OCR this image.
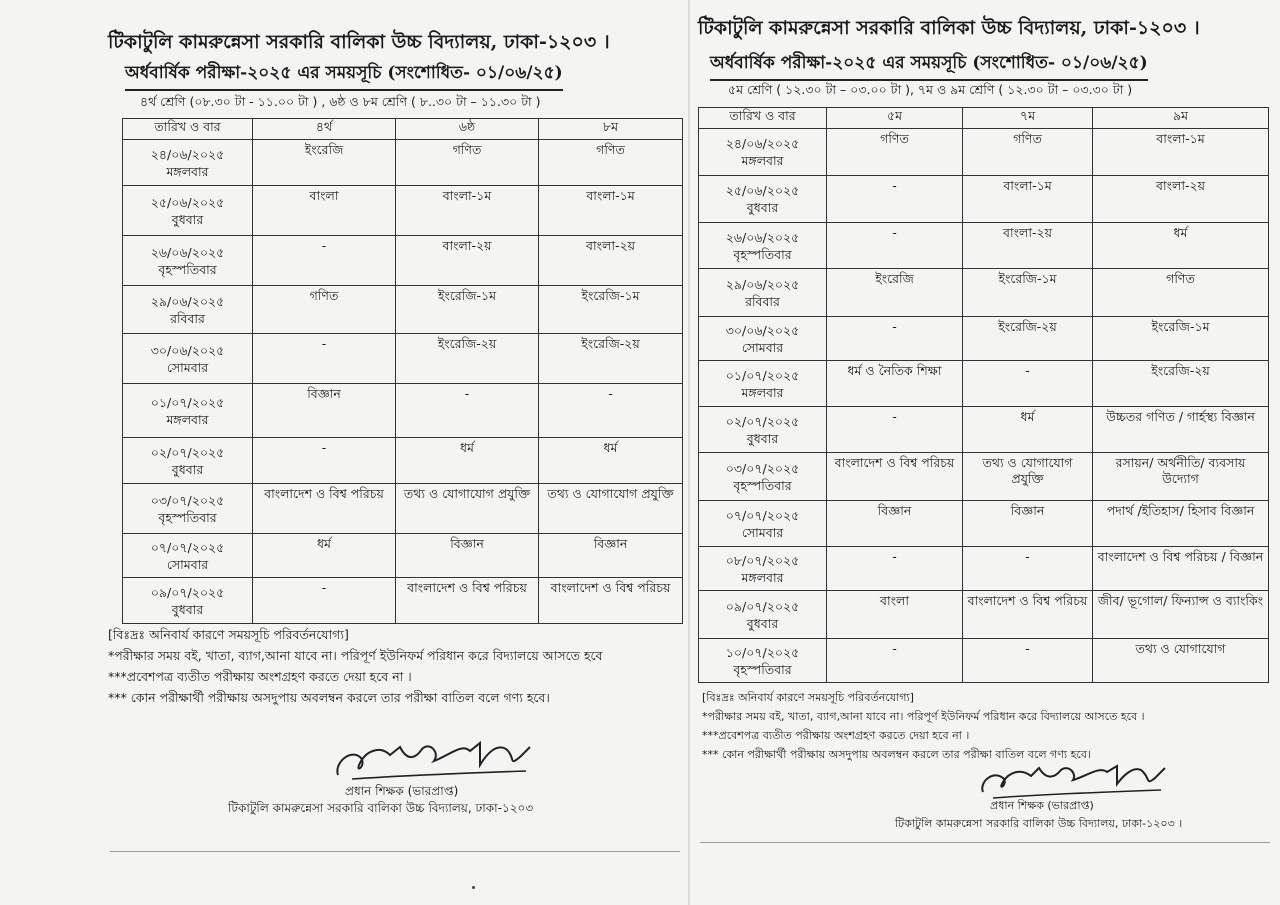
টিকাটুলি কামরুন্নেসা সরকারি বালিকা উচ্চ বিদ্যালয়, ঢাকা-১২০৩ ।
অর্ধবার্ষিক পরীক্ষা-২০২৫ এর সময়সূচি (সংশোধিত- ০১/০৬/২৫)
৪র্থ শ্রেণি (০৮.৩০ টা - ১১.০০ টা ) , ৬ষ্ঠ ও ৮ম শ্রেণি ( ৮..৩০ টা – ১১.৩০ টা )
তারিখ ও বার	৪র্থ	৬ষ্ঠ	৮ম

২৪/০৬/২০২৫
মঙ্গলবার	ইংরেজি	গণিত	গণিত

২৫/০৬/২০২৫
বুধবার	বাংলা	বাংলা-১ম	বাংলা-১ম

২৬/০৬/২০২৫
বৃহস্পতিবার	-	বাংলা-২য়	বাংলা-২য়

২৯/০৬/২০২৫
রবিবার	গণিত	ইংরেজি-১ম	ইংরেজি-১ম

৩০/০৬/২০২৫
সোমবার	-	ইংরেজি-২য়	ইংরেজি-২য়

০১/০৭/২০২৫
মঙ্গলবার	বিজ্ঞান	-	-

০২/০৭/২০২৫
বুধবার	-	ধর্ম	ধর্ম

০৩/০৭/২০২৫
বৃহস্পতিবার	বাংলাদেশ ও বিশ্ব পরিচয়	তথ্য ও যোগাযোগ প্রযুক্তি	তথ্য ও যোগাযোগ প্রযুক্তি

০৭/০৭/২০২৫
সোমবার	ধর্ম	বিজ্ঞান	বিজ্ঞান

০৯/০৭/২০২৫
বুধবার	-	বাংলাদেশ ও বিশ্ব পরিচয়	বাংলাদেশ ও বিশ্ব পরিচয়
[বিঃদ্রঃ অনিবার্য কারণে সময়সূচি পরিবর্তনযোগ্য]
*পরীক্ষার সময় বই, খাতা, ব্যাগ,আনা যাবে না। পরিপূর্ণ ইউনিফর্ম পরিধান করে বিদ্যালয়ে আসতে হবে
***প্রবেশপত্র ব্যতীত পরীক্ষায় অংশগ্রহণ করতে দেয়া হবে না ।
*** কোন পরীক্ষার্থী পরীক্ষায় অসদুপায় অবলম্বন করলে তার পরীক্ষা বাতিল বলে গণ্য হবে।
প্রধান শিক্ষক (ভারপ্রাপ্ত)
টিকাটুলি কামরুন্নেসা সরকারি বালিকা উচ্চ বিদ্যালয়, ঢাকা-১২০৩
টিকাটুলি কামরুন্নেসা সরকারি বালিকা উচ্চ বিদ্যালয়, ঢাকা-১২০৩ ।
অর্ধবার্ষিক পরীক্ষা-২০২৫ এর সময়সূচি (সংশোধিত- ০১/০৬/২৫)
৫ম শ্রেণি ( ১২.৩০ টা – ০৩.০০ টা ), ৭ম ও ৯ম শ্রেণি ( ১২.৩০ টা – ০৩.৩০ টা )
তারিখ ও বার	৫ম	৭ম	৯ম

২৪/০৬/২০২৫
মঙ্গলবার	গণিত	গণিত	বাংলা-১ম

২৫/০৬/২০২৫
বুধবার	-	বাংলা-১ম	বাংলা-২য়

২৬/০৬/২০২৫
বৃহস্পতিবার	-	বাংলা-২য়	ধর্ম

২৯/০৬/২০২৫
রবিবার	ইংরেজি	ইংরেজি-১ম	গণিত

৩০/০৬/২০২৫
সোমবার	-	ইংরেজি-২য়	ইংরেজি-১ম

০১/০৭/২০২৫
মঙ্গলবার	ধর্ম ও নৈতিক শিক্ষা	-	ইংরেজি-২য়

০২/০৭/২০২৫
বুধবার	-	ধর্ম	উচ্চতর গণিত / গার্হস্থ্য বিজ্ঞান

০৩/০৭/২০২৫
বৃহস্পতিবার	বাংলাদেশ ও বিশ্ব পরিচয়	তথ্য ও যোগাযোগ প্রযুক্তি	রসায়ন/ অর্থনীতি/ ব্যবসায় উদ্যোগ

০৭/০৭/২০২৫
সোমবার	বিজ্ঞান	বিজ্ঞান	পদার্থ /ইতিহাস/ হিসাব বিজ্ঞান

০৮/০৭/২০২৫
মঙ্গলবার	-	-	বাংলাদেশ ও বিশ্ব পরিচয় / বিজ্ঞান

০৯/০৭/২০২৫
বুধবার	বাংলা	বাংলাদেশ ও বিশ্ব পরিচয়	জীব/ ভূগোল/ ফিন্যান্স ও ব্যাংকিং

১০/০৭/২০২৫
বৃহস্পতিবার	-	-	তথ্য ও যোগাযোগ
[বিঃদ্রঃ অনিবার্য কারণে সময়সূচি পরিবর্তনযোগ্য]
*পরীক্ষার সময় বই, খাতা, ব্যাগ,আনা যাবে না। পরিপূর্ণ ইউনিফর্ম পরিধান করে বিদ্যালয়ে আসতে হবে ।
***প্রবেশপত্র ব্যতীত পরীক্ষায় অংশগ্রহণ করতে দেয়া হবে না ।
*** কোন পরীক্ষার্থী পরীক্ষায় অসদুপায় অবলম্বন করলে তার পরীক্ষা বাতিল বলে গণ্য হবে।
প্রধান শিক্ষক (ভারপ্রাপ্ত)
টিকাটুলি কামরুন্নেসা সরকারি বালিকা উচ্চ বিদ্যালয়, ঢাকা-১২০৩ ।
